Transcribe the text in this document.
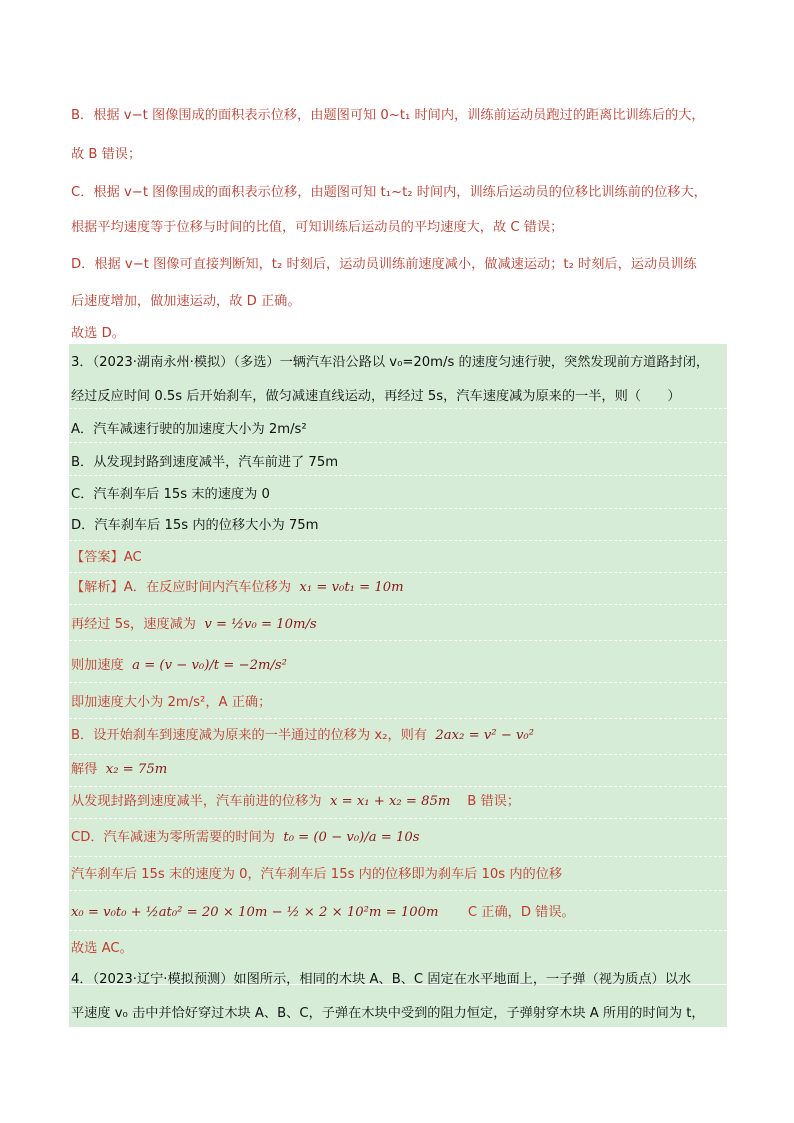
B．根据 v−t 图像围成的面积表示位移，由题图可知 0~t₁ 时间内，训练前运动员跑过的距离比训练后的大，
故 B 错误；
C．根据 v−t 图像围成的面积表示位移，由题图可知 t₁~t₂ 时间内，训练后运动员的位移比训练前的位移大，
根据平均速度等于位移与时间的比值，可知训练后运动员的平均速度大，故 C 错误；
D．根据 v−t 图像可直接判断知，t₂ 时刻后，运动员训练前速度减小，做减速运动；t₂ 时刻后，运动员训练
后速度增加，做加速运动，故 D 正确。
故选 D。
3．（2023·湖南永州·模拟）（多选）一辆汽车沿公路以 v₀=20m/s 的速度匀速行驶，突然发现前方道路封闭，
经过反应时间 0.5s 后开始刹车，做匀减速直线运动，再经过 5s，汽车速度减为原来的一半，则（　　）
A．汽车减速行驶的加速度大小为 2m/s²
B．从发现封路到速度减半，汽车前进了 75m
C．汽车刹车后 15s 末的速度为 0
D．汽车刹车后 15s 内的位移大小为 75m
【答案】AC
【解析】A．在反应时间内汽车位移为 x₁ = v₀t₁ = 10m
再经过 5s，速度减为 v = ½v₀ = 10m/s
则加速度 a = (v − v₀)/t = −2m/s²
即加速度大小为 2m/s²，A 正确；
B．设开始刹车到速度减为原来的一半通过的位移为 x₂，则有 2ax₂ = v² − v₀²
解得 x₂ = 75m
从发现封路到速度减半，汽车前进的位移为 x = x₁ + x₂ = 85m B 错误；
CD．汽车减速为零所需要的时间为 t₀ = (0 − v₀)/a = 10s
汽车刹车后 15s 末的速度为 0，汽车刹车后 15s 内的位移即为刹车后 10s 内的位移
x₀ = v₀t₀ + ½at₀² = 20 × 10m − ½ × 2 × 10²m = 100m C 正确，D 错误。
故选 AC。
4．（2023·辽宁·模拟预测）如图所示，相同的木块 A、B、C 固定在水平地面上，一子弹（视为质点）以水
平速度 v₀ 击中并恰好穿过木块 A、B、C，子弹在木块中受到的阻力恒定，子弹射穿木块 A 所用的时间为 t，
